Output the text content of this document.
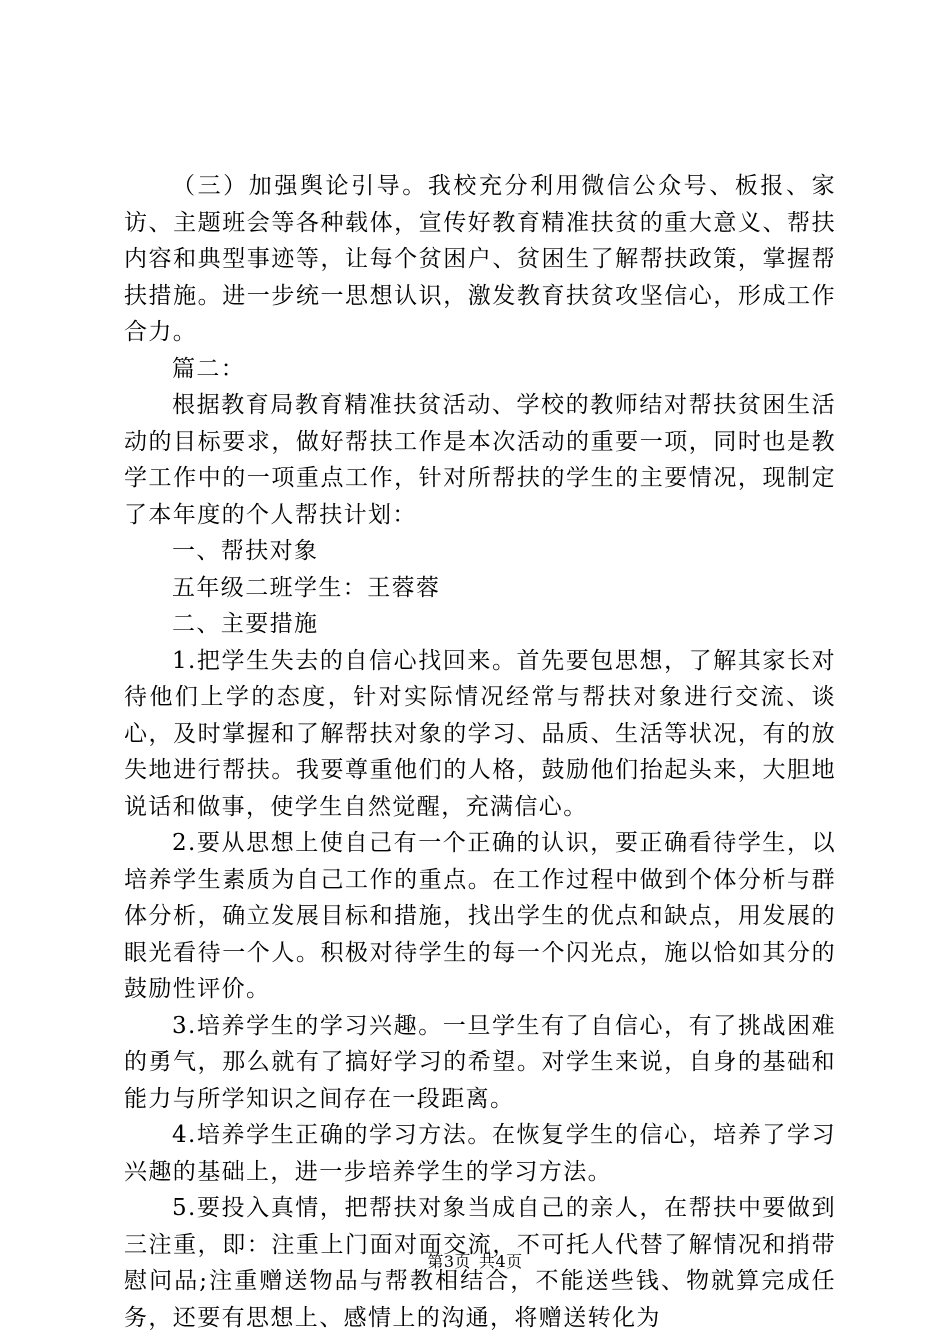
（三）加强舆论引导。我校充分利用微信公众号、板报、家访、主题班会等各种载体，宣传好教育精准扶贫的重大意义、帮扶内容和典型事迹等，让每个贫困户、贫困生了解帮扶政策，掌握帮扶措施。进一步统一思想认识，激发教育扶贫攻坚信心，形成工作合力。

篇二：

根据教育局教育精准扶贫活动、学校的教师结对帮扶贫困生活动的目标要求，做好帮扶工作是本次活动的重要一项，同时也是教学工作中的一项重点工作，针对所帮扶的学生的主要情况，现制定了本年度的个人帮扶计划：

一、帮扶对象

五年级二班学生：王蓉蓉

二、主要措施

1.把学生失去的自信心找回来。首先要包思想，了解其家长对待他们上学的态度，针对实际情况经常与帮扶对象进行交流、谈心，及时掌握和了解帮扶对象的学习、品质、生活等状况，有的放失地进行帮扶。我要尊重他们的人格，鼓励他们抬起头来，大胆地说话和做事，使学生自然觉醒，充满信心。

2.要从思想上使自己有一个正确的认识，要正确看待学生，以培养学生素质为自己工作的重点。在工作过程中做到个体分析与群体分析，确立发展目标和措施，找出学生的优点和缺点，用发展的眼光看待一个人。积极对待学生的每一个闪光点，施以恰如其分的鼓励性评价。

3.培养学生的学习兴趣。一旦学生有了自信心，有了挑战困难的勇气，那么就有了搞好学习的希望。对学生来说，自身的基础和能力与所学知识之间存在一段距离。

4.培养学生正确的学习方法。在恢复学生的信心，培养了学习兴趣的基础上，进一步培养学生的学习方法。

5.要投入真情，把帮扶对象当成自己的亲人，在帮扶中要做到三注重，即：注重上门面对面交流，不可托人代替了解情况和捎带慰问品;注重赠送物品与帮教相结合，不能送些钱、物就算完成任务，还要有思想上、感情上的沟通，将赠送转化为

第3页 共4页
